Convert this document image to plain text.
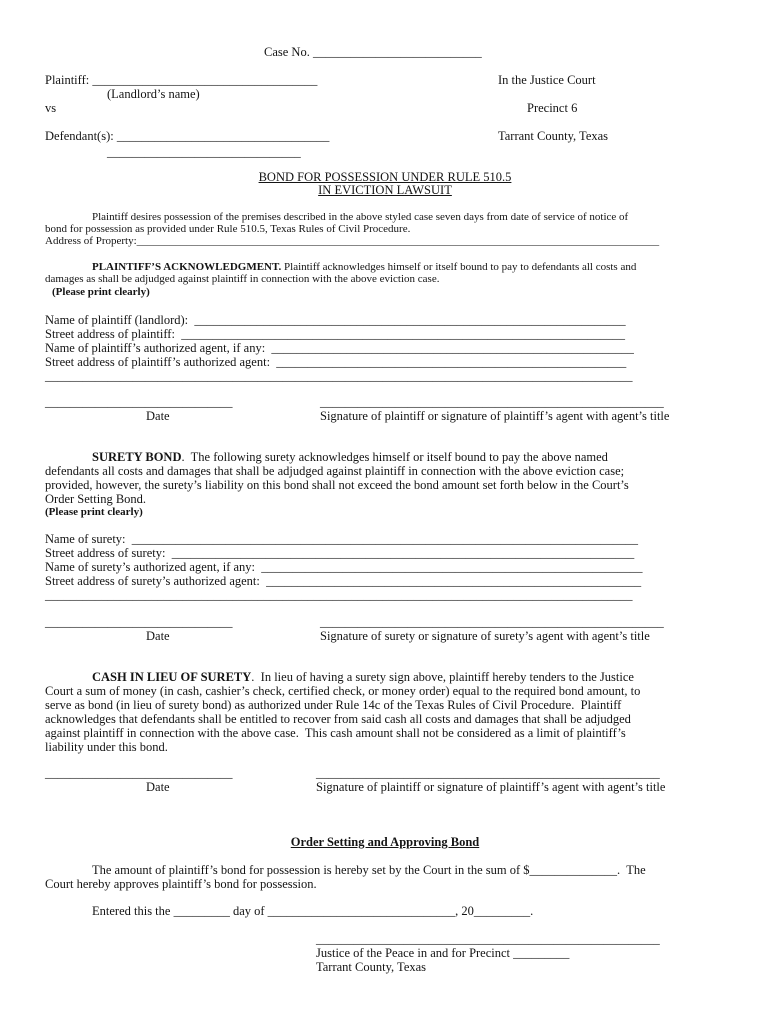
Case No. ___________________________

Plaintiff: ____________________________________

(Landlord’s name)

vs

Defendant(s): __________________________________

_______________________________

In the Justice Court

Precinct 6

Tarrant County, Texas

BOND FOR POSSESSION UNDER RULE 510.5

IN EVICTION LAWSUIT

Plaintiff desires possession of the premises described in the above styled case seven days from date of service of notice of

bond for possession as provided under Rule 510.5, Texas Rules of Civil Procedure.

Address of Property:_______________________________________________________________________________________________

PLAINTIFF’S ACKNOWLEDGMENT. Plaintiff acknowledges himself or itself bound to pay to defendants all costs and

damages as shall be adjudged against plaintiff in connection with the above eviction case.

(Please print clearly)

Name of plaintiff (landlord):  _____________________________________________________________________

Street address of plaintiff:  _______________________________________________________________________

Name of plaintiff’s authorized agent, if any:  __________________________________________________________

Street address of plaintiff’s authorized agent:  ________________________________________________________

______________________________________________________________________________________________

______________________________	_______________________________________________________

Date	Signature of plaintiff or signature of plaintiff’s agent with agent’s title

SURETY BOND.  The following surety acknowledges himself or itself bound to pay the above named

defendants all costs and damages that shall be adjudged against plaintiff in connection with the above eviction case;

provided, however, the surety’s liability on this bond shall not exceed the bond amount set forth below in the Court’s

Order Setting Bond.

(Please print clearly)

Name of surety:  _________________________________________________________________________________

Street address of surety:  __________________________________________________________________________

Name of surety’s authorized agent, if any:  _____________________________________________________________

Street address of surety’s authorized agent:  ____________________________________________________________

______________________________________________________________________________________________

______________________________	_______________________________________________________

Date	Signature of surety or signature of surety’s agent with agent’s title

CASH IN LIEU OF SURETY.  In lieu of having a surety sign above, plaintiff hereby tenders to the Justice

Court a sum of money (in cash, cashier’s check, certified check, or money order) equal to the required bond amount, to

serve as bond (in lieu of surety bond) as authorized under Rule 14c of the Texas Rules of Civil Procedure.  Plaintiff

acknowledges that defendants shall be entitled to recover from said cash all costs and damages that shall be adjudged

against plaintiff in connection with the above case.  This cash amount shall not be considered as a limit of plaintiff’s

liability under this bond.

______________________________	_______________________________________________________

Date	Signature of plaintiff or signature of plaintiff’s agent with agent’s title

Order Setting and Approving Bond

The amount of plaintiff’s bond for possession is hereby set by the Court in the sum of $______________.  The

Court hereby approves plaintiff’s bond for possession.

Entered this the _________ day of ______________________________, 20_________.

_______________________________________________________

Justice of the Peace in and for Precinct _________

Tarrant County, Texas
